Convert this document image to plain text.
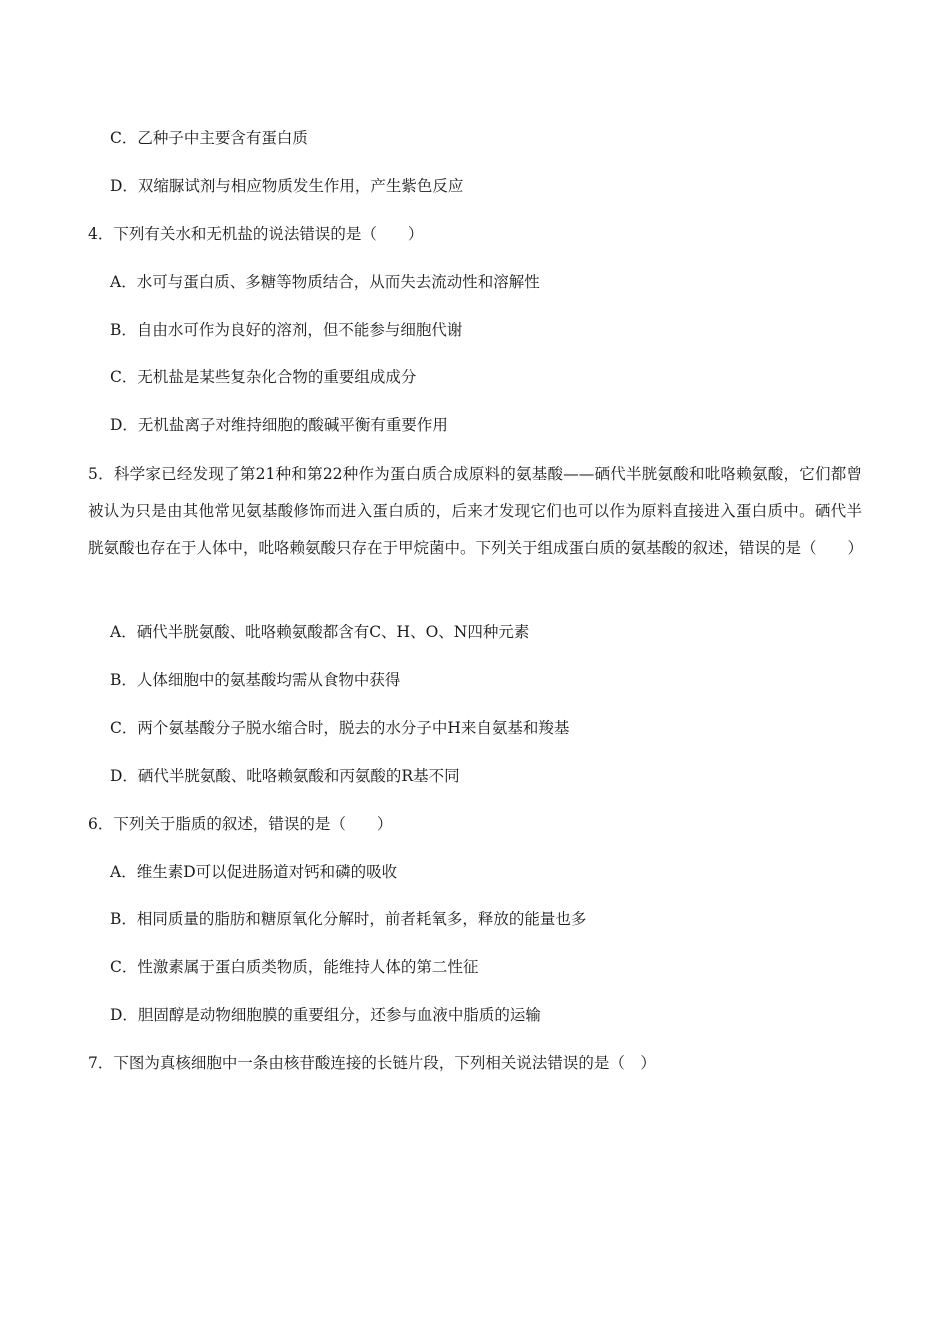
C．乙种子中主要含有蛋白质
D．双缩脲试剂与相应物质发生作用，产生紫色反应
4．下列有关水和无机盐的说法错误的是（　　）
A．水可与蛋白质、多糖等物质结合，从而失去流动性和溶解性
B．自由水可作为良好的溶剂，但不能参与细胞代谢
C．无机盐是某些复杂化合物的重要组成成分
D．无机盐离子对维持细胞的酸碱平衡有重要作用
5．科学家已经发现了第21种和第22种作为蛋白质合成原料的氨基酸——硒代半胱氨酸和吡咯赖氨酸，它们都曾被认为只是由其他常见氨基酸修饰而进入蛋白质的，后来才发现它们也可以作为原料直接进入蛋白质中。硒代半胱氨酸也存在于人体中，吡咯赖氨酸只存在于甲烷菌中。下列关于组成蛋白质的氨基酸的叙述，错误的是（　　）
A．硒代半胱氨酸、吡咯赖氨酸都含有C、H、O、N四种元素
B．人体细胞中的氨基酸均需从食物中获得
C．两个氨基酸分子脱水缩合时，脱去的水分子中H来自氨基和羧基
D．硒代半胱氨酸、吡咯赖氨酸和丙氨酸的R基不同
6．下列关于脂质的叙述，错误的是（　　）
A．维生素D可以促进肠道对钙和磷的吸收
B．相同质量的脂肪和糖原氧化分解时，前者耗氧多，释放的能量也多
C．性激素属于蛋白质类物质，能维持人体的第二性征
D．胆固醇是动物细胞膜的重要组分，还参与血液中脂质的运输
7．下图为真核细胞中一条由核苷酸连接的长链片段，下列相关说法错误的是（　）
